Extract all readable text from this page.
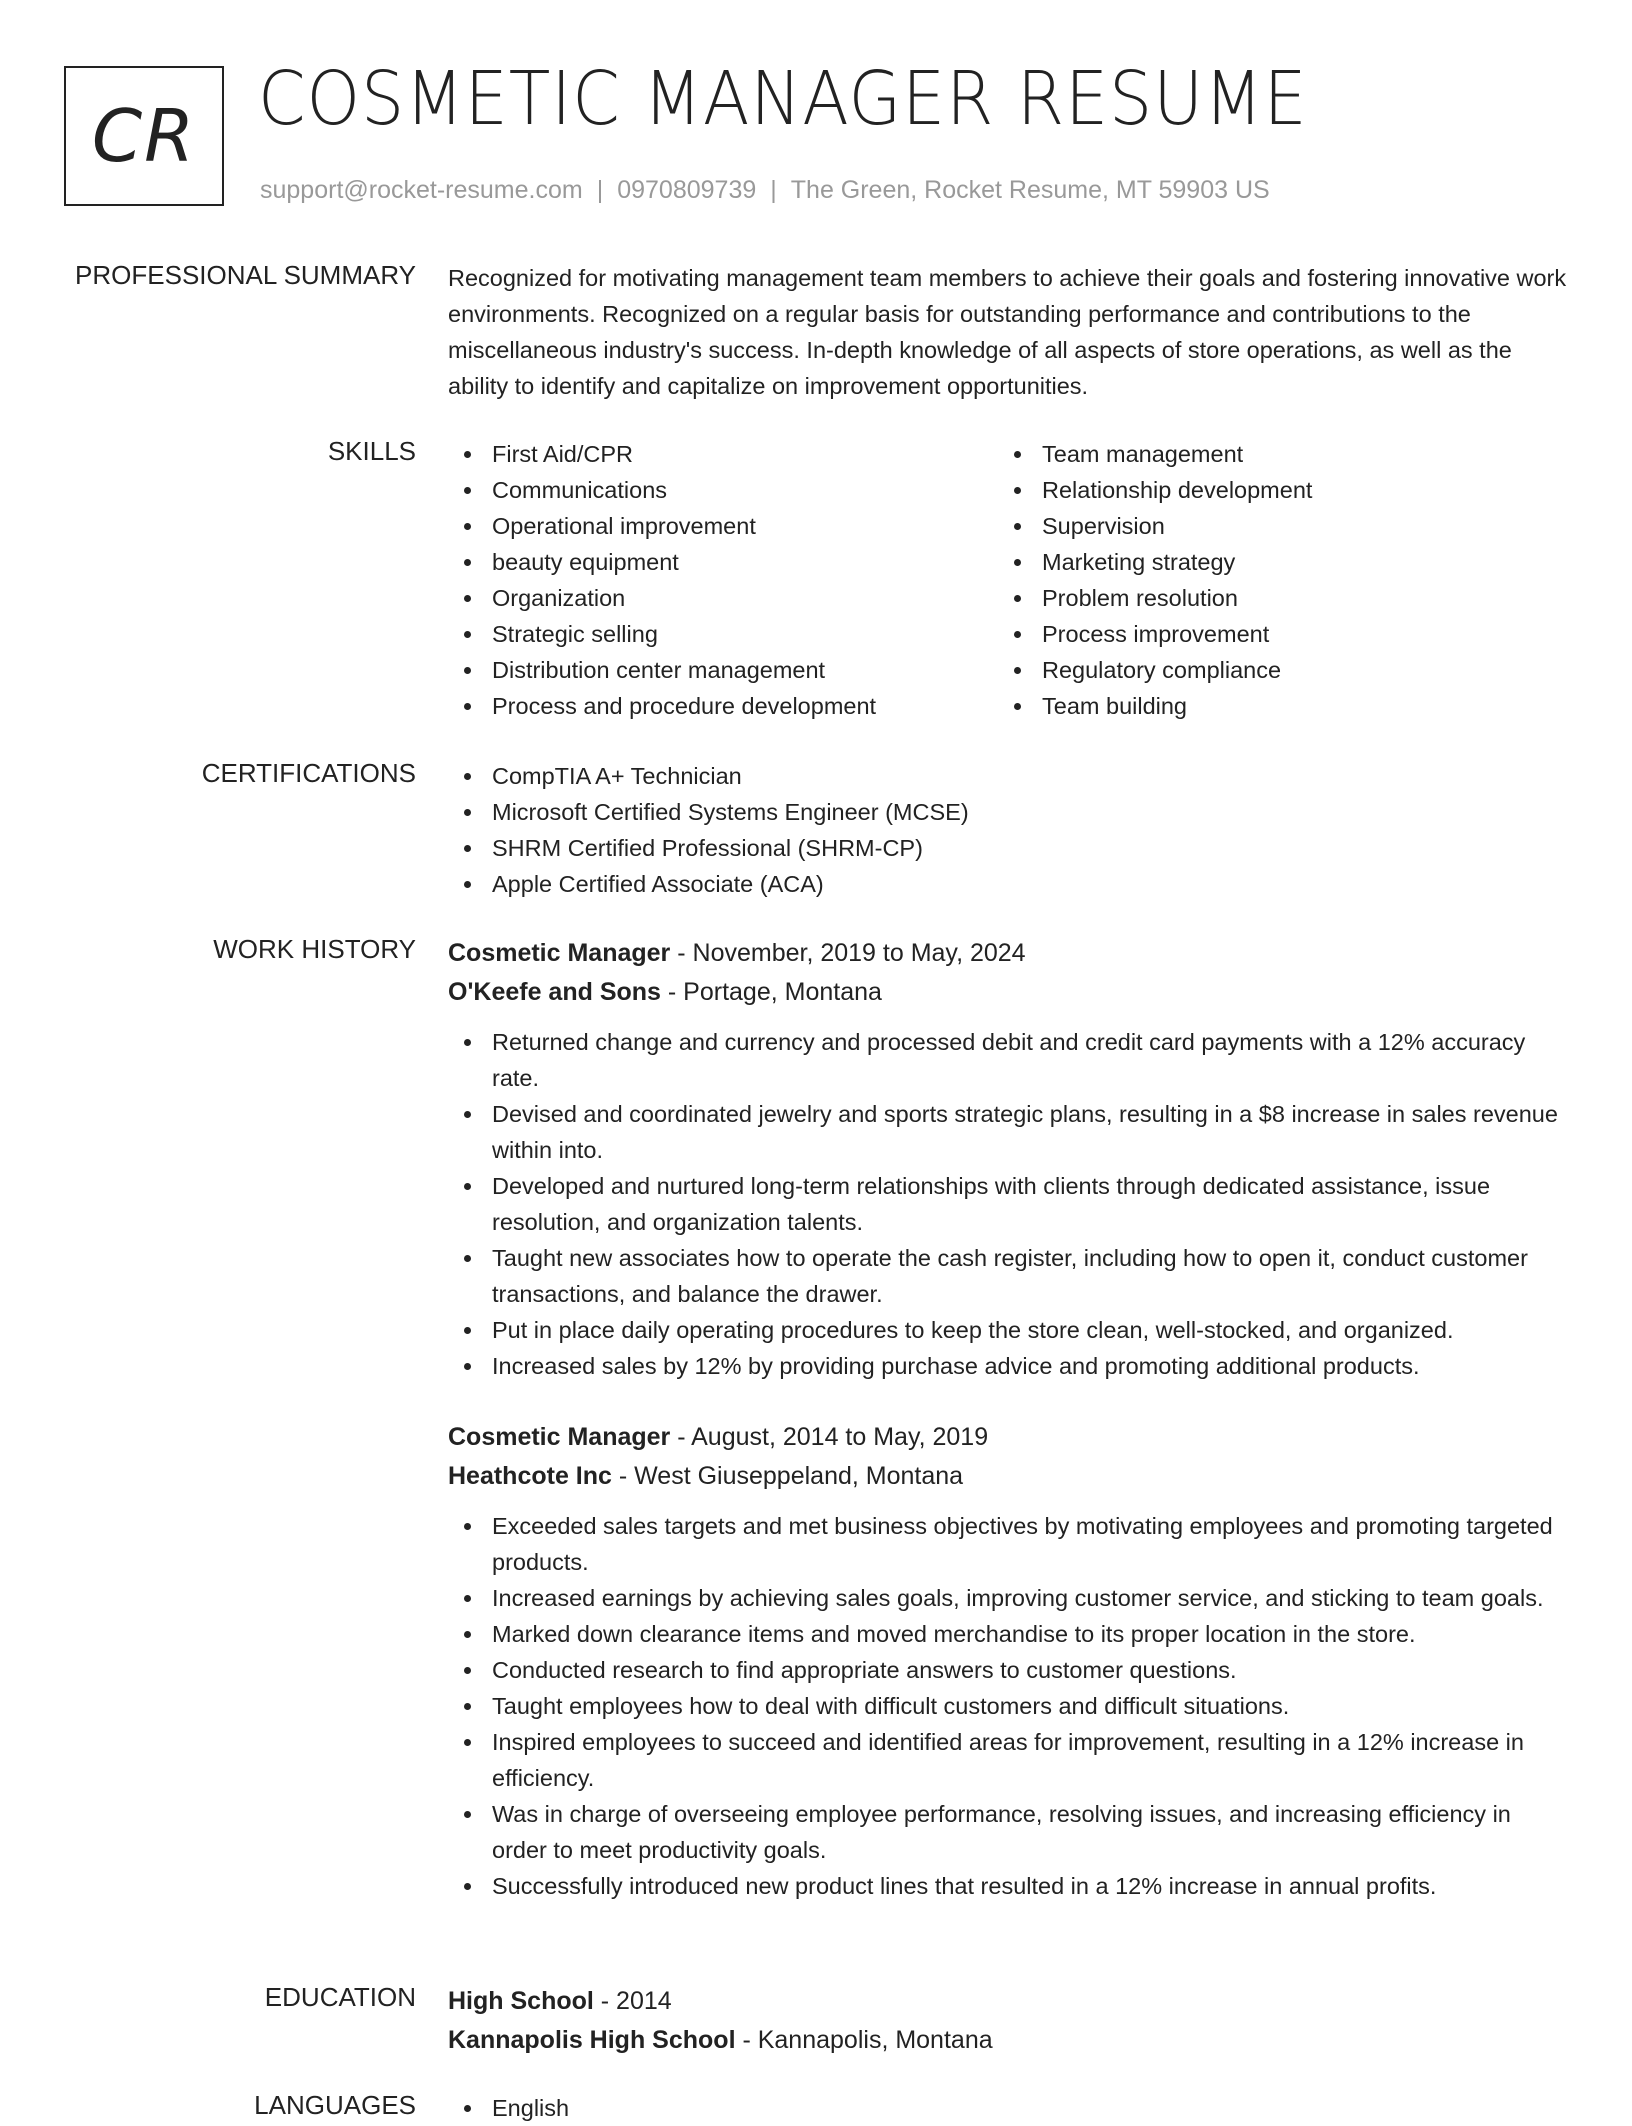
CR COSMETIC MANAGER RESUME
support@rocket-resume.com | 0970809739 | The Green, Rocket Resume, MT 59903 US
PROFESSIONAL SUMMARY Recognized for motivating management team members to achieve their goals and fostering innovative work environments. Recognized on a regular basis for outstanding performance and contributions to the miscellaneous industry's success. In-depth knowledge of all aspects of store operations, as well as the ability to identify and capitalize on improvement opportunities.

SKILLS	First Aid/CPR
Communications
Operational improvement
beauty equipment
Organization
Strategic selling
Distribution center management
Process and procedure development
Team management
Relationship development
Supervision
Marketing strategy
Problem resolution
Process improvement
Regulatory compliance
Team building
CERTIFICATIONS	CompTIA A+ Technician
Microsoft Certified Systems Engineer (MCSE)
SHRM Certified Professional (SHRM-CP)
Apple Certified Associate (ACA)
WORK HISTORY Cosmetic Manager - November, 2019 to May, 2024
O'Keefe and Sons - Portage, Montana
Returned change and currency and processed debit and credit card payments with a 12% accuracy rate.
Devised and coordinated jewelry and sports strategic plans, resulting in a $8 increase in sales revenue within into.
Developed and nurtured long-term relationships with clients through dedicated assistance, issue resolution, and organization talents.
Taught new associates how to operate the cash register, including how to open it, conduct customer transactions, and balance the drawer.
Put in place daily operating procedures to keep the store clean, well-stocked, and organized.
Increased sales by 12% by providing purchase advice and promoting additional products.
Cosmetic Manager - August, 2014 to May, 2019
Heathcote Inc - West Giuseppeland, Montana
Exceeded sales targets and met business objectives by motivating employees and promoting targeted products.
Increased earnings by achieving sales goals, improving customer service, and sticking to team goals.
Marked down clearance items and moved merchandise to its proper location in the store.
Conducted research to find appropriate answers to customer questions.
Taught employees how to deal with difficult customers and difficult situations.
Inspired employees to succeed and identified areas for improvement, resulting in a 12% increase in efficiency.
Was in charge of overseeing employee performance, resolving issues, and increasing efficiency in order to meet productivity goals.
Successfully introduced new product lines that resulted in a 12% increase in annual profits.
EDUCATION High School - 2014
Kannapolis High School - Kannapolis, Montana
LANGUAGES	English
